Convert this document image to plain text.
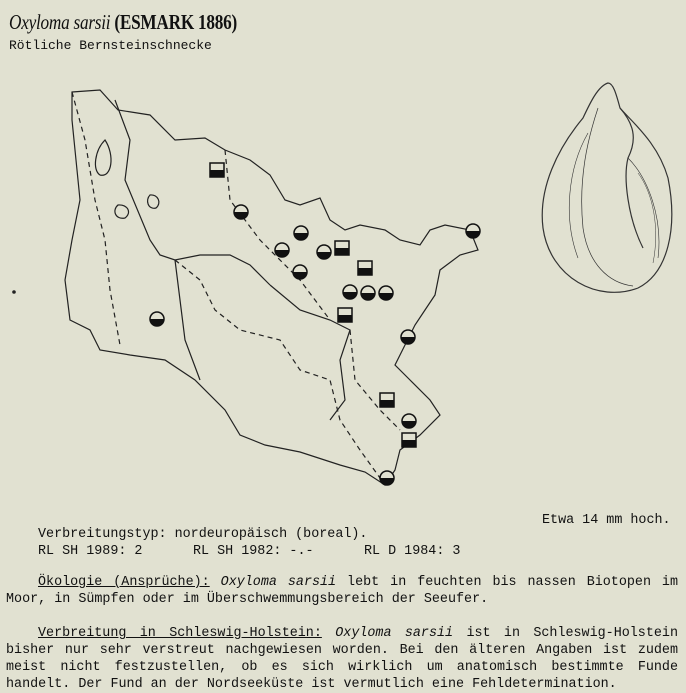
Oxyloma sarsii (ESMARK 1886)
Rötliche Bernsteinschnecke
Etwa 14 mm hoch.
Verbreitungstyp: nordeuropäisch (boreal).
RL SH 1989: 2	RL SH 1982: -.-	RL D 1984: 3
Ökologie (Ansprüche): Oxyloma sarsii lebt in feuchten bis nassen Biotopen im Moor, in Sümpfen oder im Überschwemmungsbereich der Seeufer.
Verbreitung in Schleswig-Holstein: Oxyloma sarsii ist in Schleswig-Holstein bisher nur sehr verstreut nachgewiesen worden. Bei den älteren Angaben ist zudem meist nicht festzustellen, ob es sich wirklich um anatomisch bestimmte Funde handelt. Der Fund an der Nordseeküste ist vermutlich eine Fehldetermination.
